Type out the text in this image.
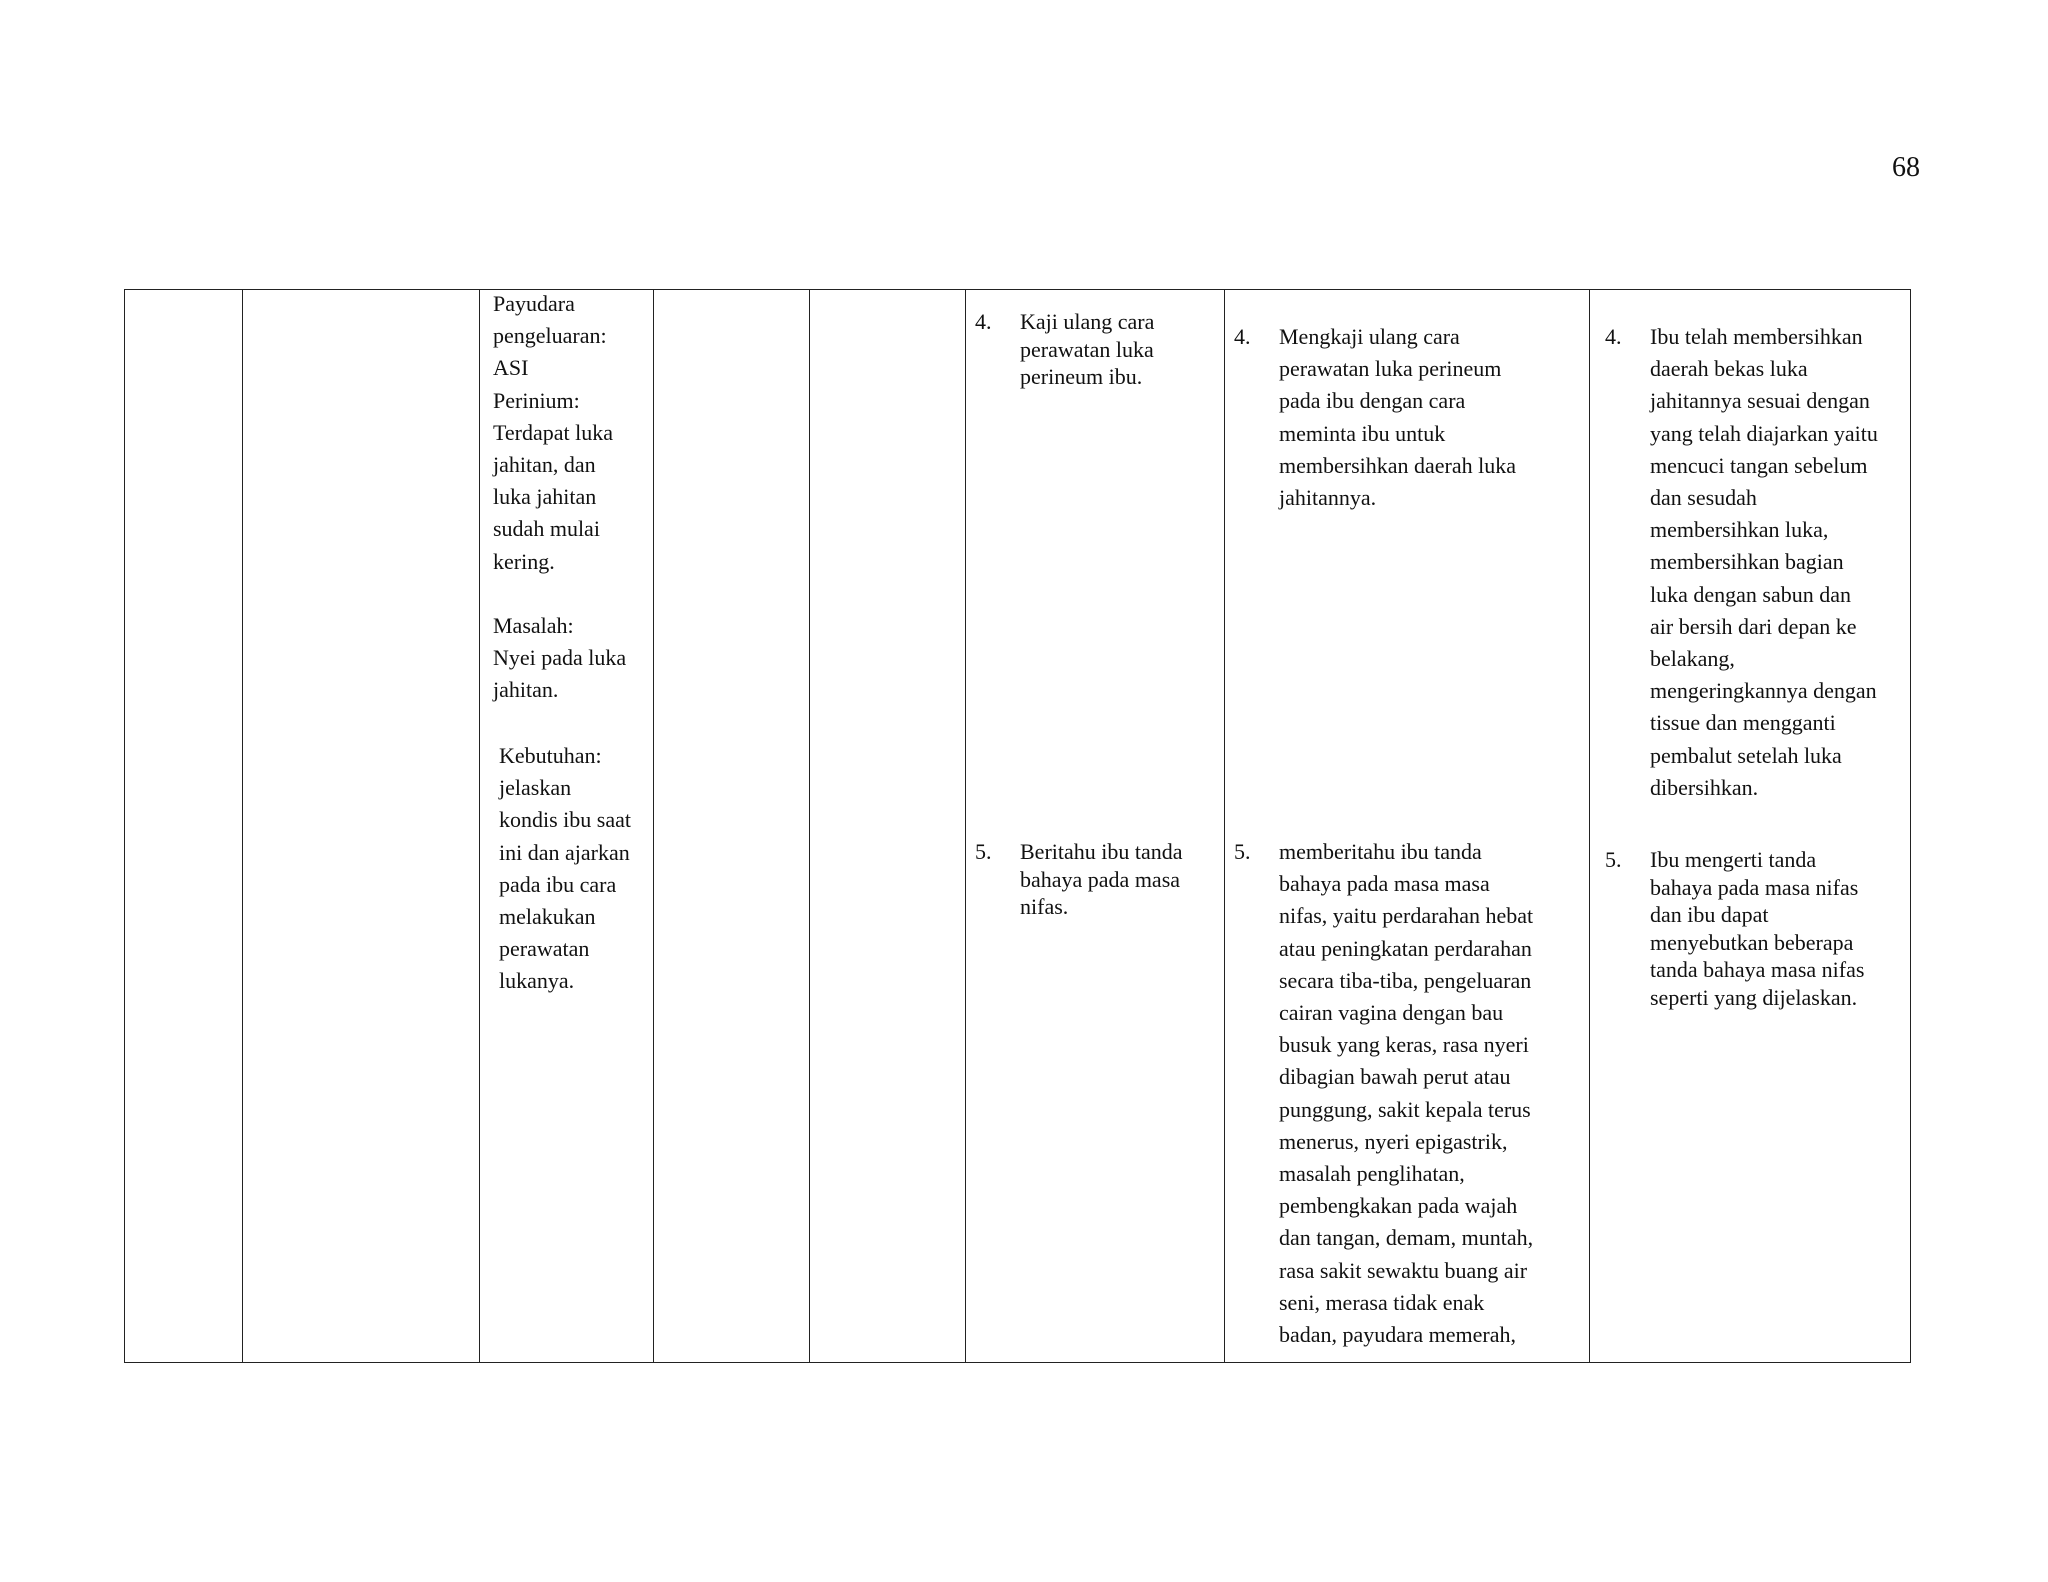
68

Payudara

pengeluaran:

ASI

Perinium:

Terdapat luka

jahitan, dan

luka jahitan

sudah mulai

kering.

Masalah:

Nyei pada luka

jahitan.

Kebutuhan:

jelaskan

kondis ibu saat

ini dan ajarkan

pada ibu cara

melakukan

perawatan

lukanya.

4. Kaji ulang cara

perawatan luka

perineum ibu.

5. Beritahu ibu tanda

bahaya pada masa

nifas.

4. Mengkaji ulang cara

perawatan luka perineum

pada ibu dengan cara

meminta ibu untuk

membersihkan daerah luka

jahitannya.

5. memberitahu ibu tanda

bahaya pada masa masa

nifas, yaitu perdarahan hebat

atau peningkatan perdarahan

secara tiba-tiba, pengeluaran

cairan vagina dengan bau

busuk yang keras, rasa nyeri

dibagian bawah perut atau

punggung, sakit kepala terus

menerus, nyeri epigastrik,

masalah penglihatan,

pembengkakan pada wajah

dan tangan, demam, muntah,

rasa sakit sewaktu buang air

seni, merasa tidak enak

badan, payudara memerah,

4. Ibu telah membersihkan

daerah bekas luka

jahitannya sesuai dengan

yang telah diajarkan yaitu

mencuci tangan sebelum

dan sesudah

membersihkan luka,

membersihkan bagian

luka dengan sabun dan

air bersih dari depan ke

belakang,

mengeringkannya dengan

tissue dan mengganti

pembalut setelah luka

dibersihkan.

5. Ibu mengerti tanda

bahaya pada masa nifas

dan ibu dapat

menyebutkan beberapa

tanda bahaya masa nifas

seperti yang dijelaskan.
